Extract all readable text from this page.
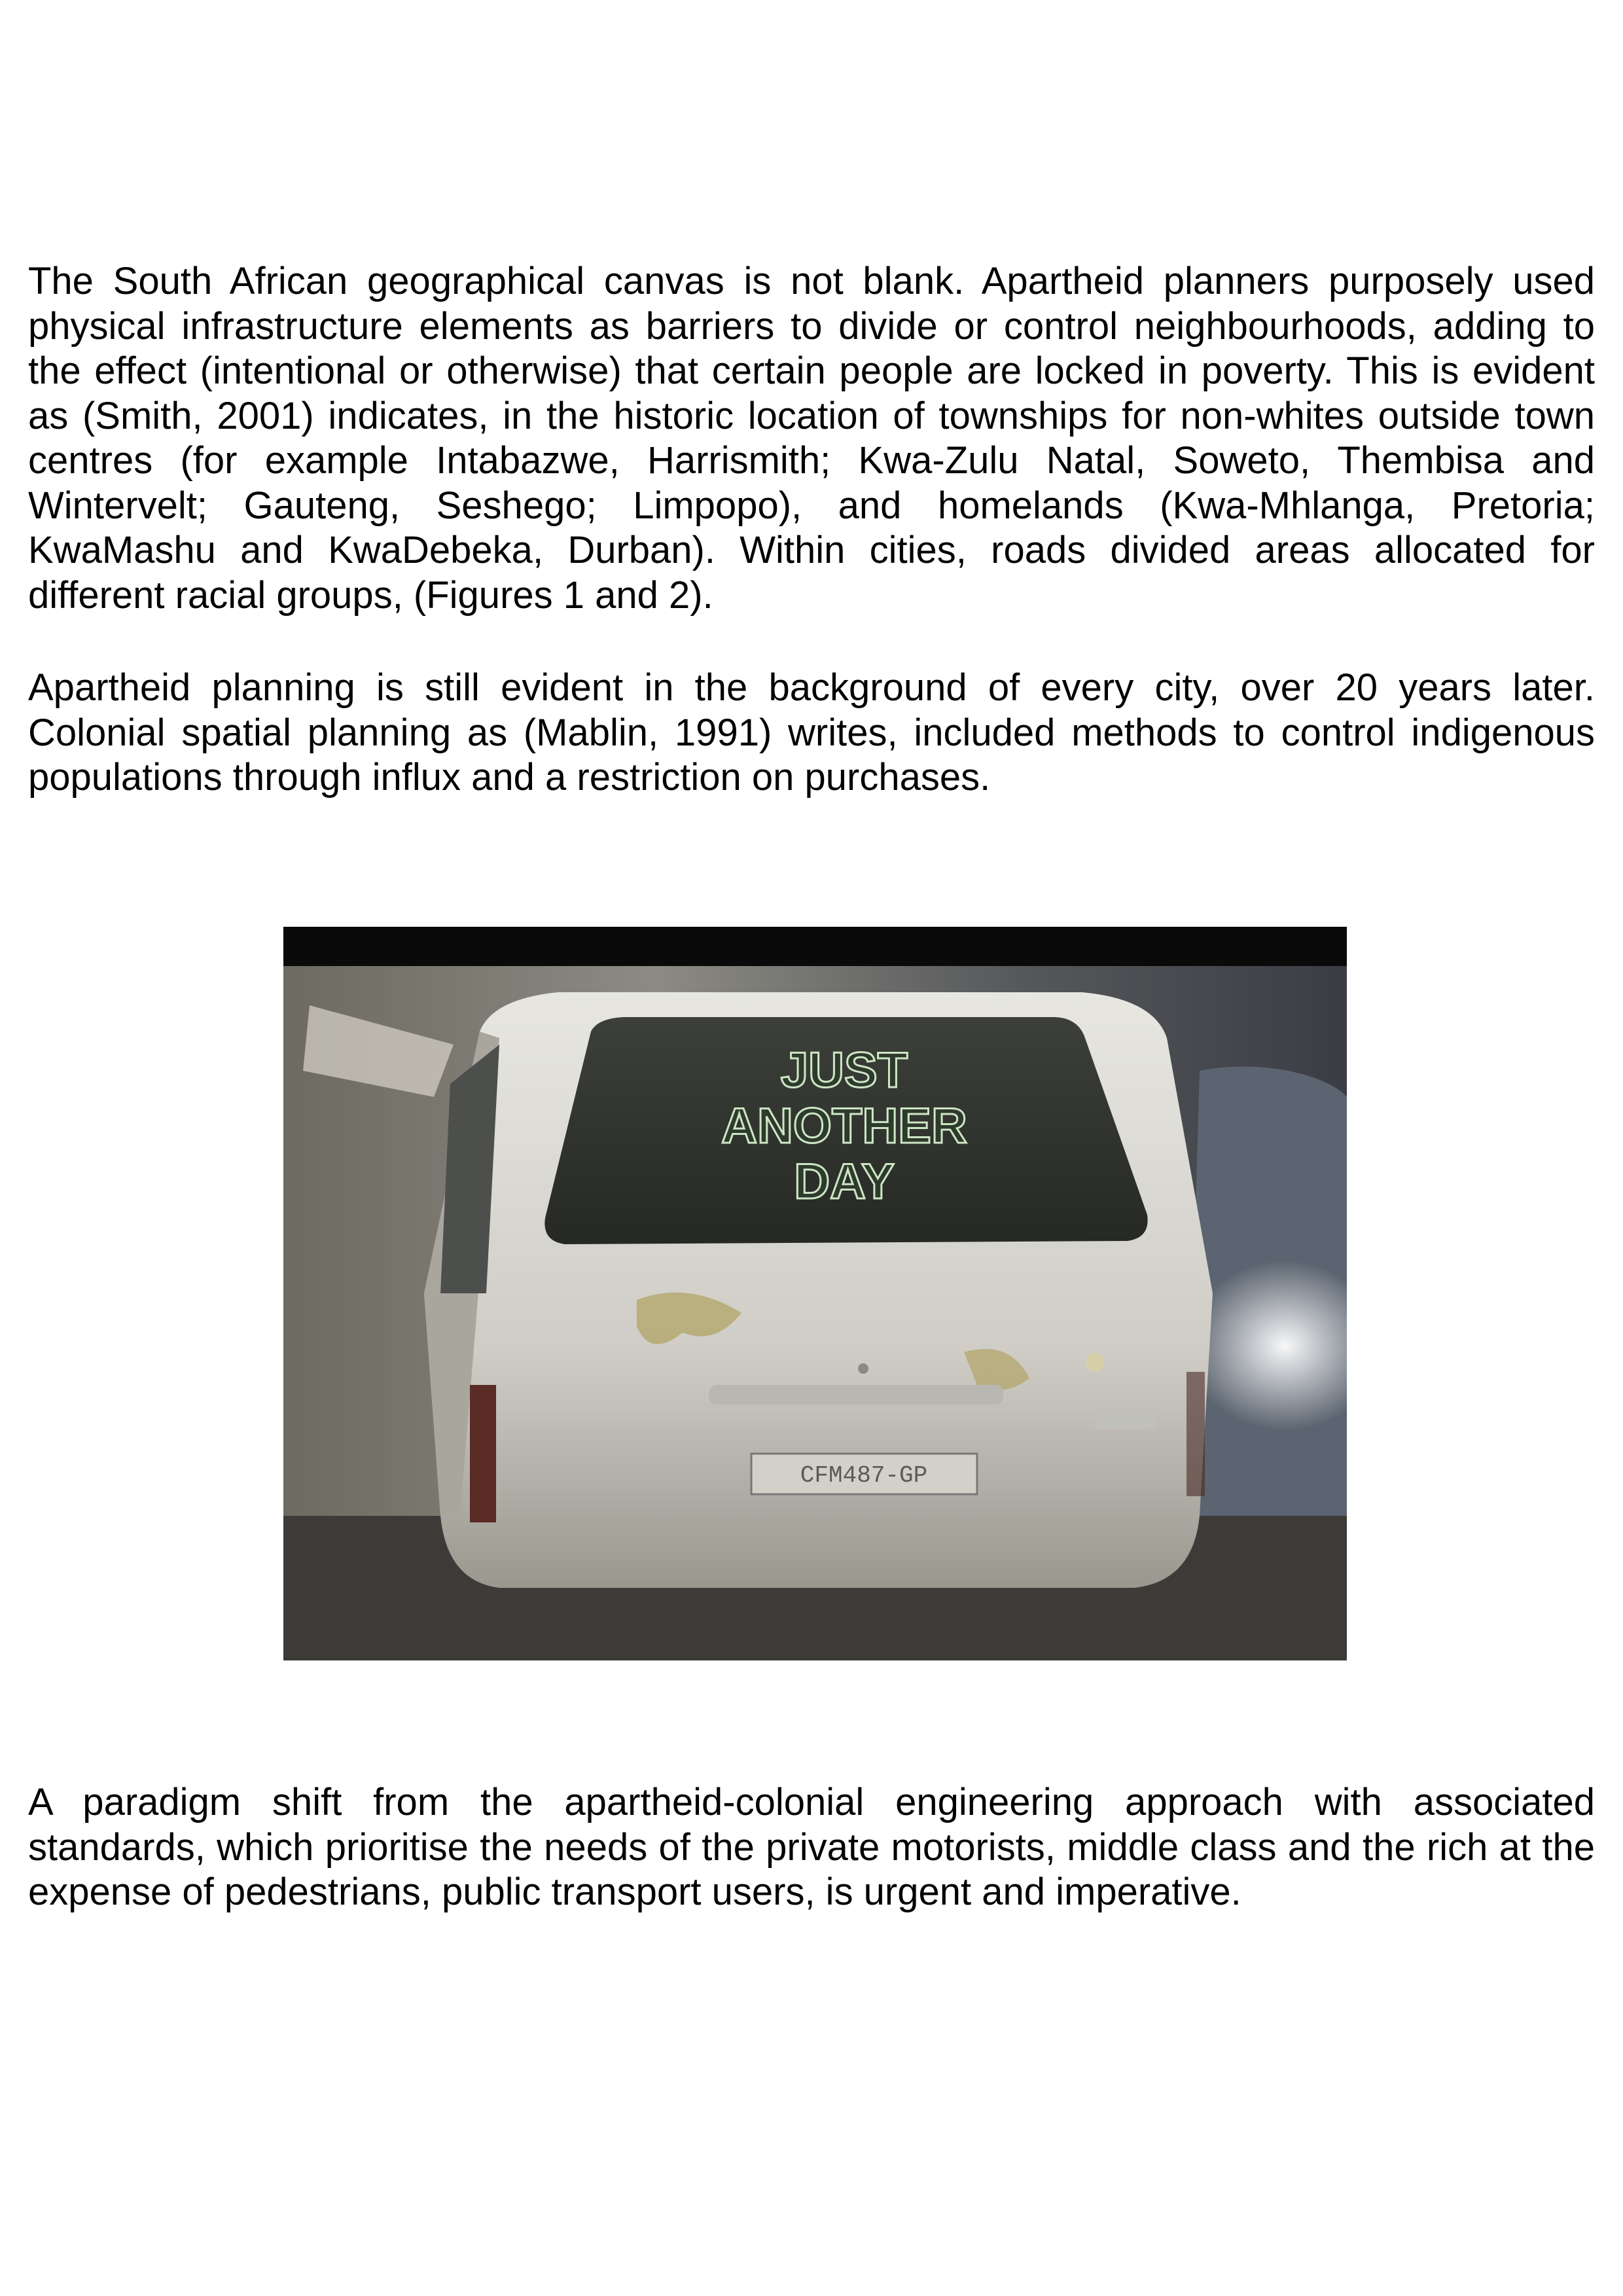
The South African geographical canvas is not blank. Apartheid planners purposely used physical infrastructure elements as barriers to divide or control neighbourhoods, adding to the effect (intentional or otherwise) that certain people are locked in poverty. This is evident as (Smith, 2001) indicates, in the historic location of townships for non-whites outside town centres (for example Intabazwe, Harrismith; Kwa-Zulu Natal, Soweto, Thembisa and Wintervelt; Gauteng, Seshego; Limpopo), and homelands (Kwa-Mhlanga, Pretoria; KwaMashu and KwaDebeka, Durban). Within cities, roads divided areas allocated for different racial groups, (Figures 1 and 2).

Apartheid planning is still evident in the background of every city, over 20 years later. Colonial spatial planning as (Mablin, 1991) writes, included methods to control indigenous populations through influx and a restriction on purchases.

JUST
ANOTHER
DAY
CFM487-GP

A paradigm shift from the apartheid-colonial engineering approach with associated standards, which prioritise the needs of the private motorists, middle class and the rich at the expense of pedestrians, public transport users, is urgent and imperative.
